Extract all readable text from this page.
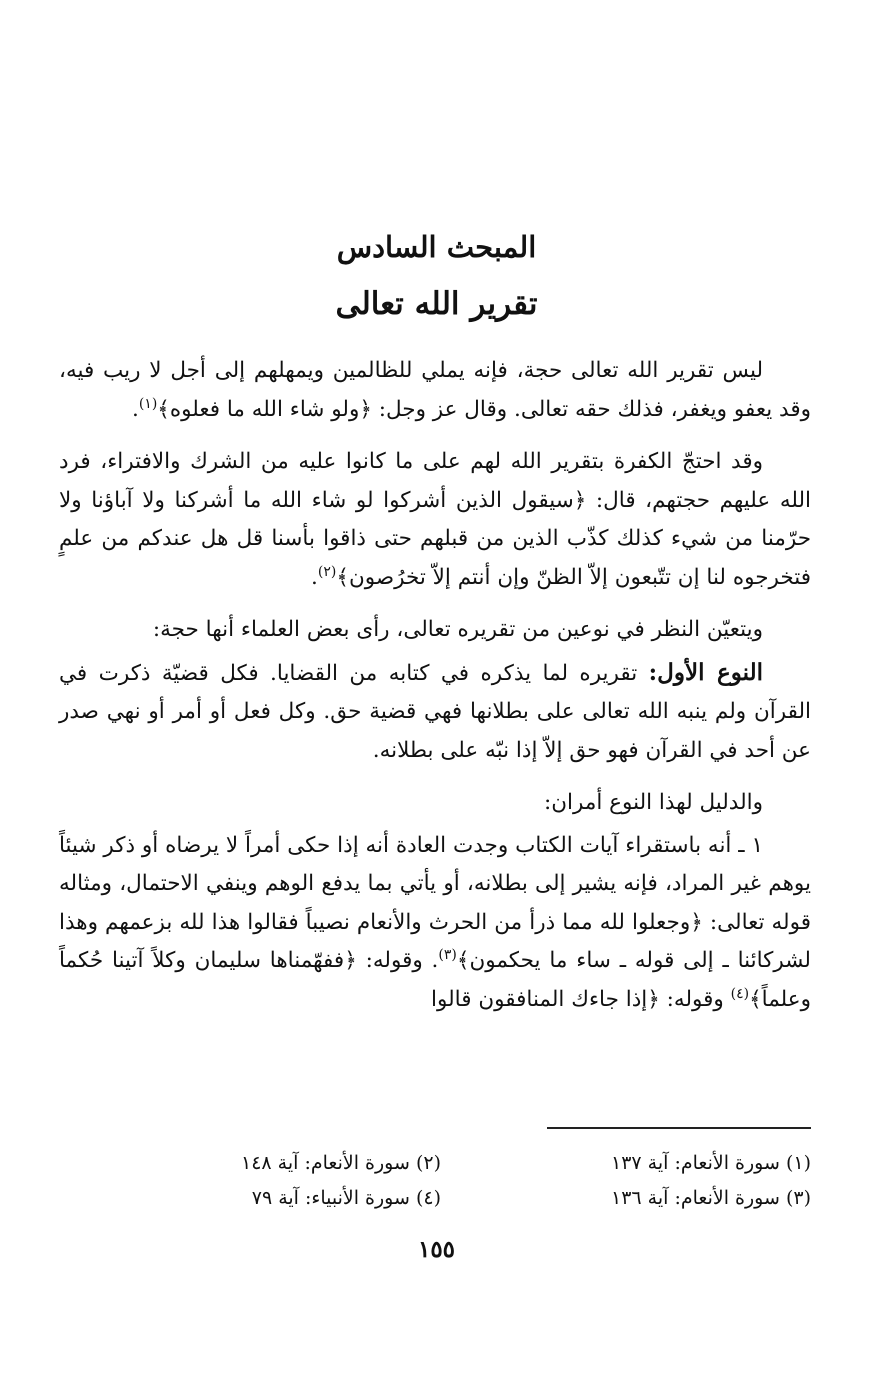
المبحث السادس
تقرير الله تعالى

ليس تقرير الله تعالى حجة، فإنه يملي للظالمين ويمهلهم إلى أجل لا ريب فيه، وقد يعفو ويغفر، فذلك حقه تعالى. وقال عز وجل: ﴿ولو شاء الله ما فعلوه﴾$^{(١)}$.

وقد احتجّ الكفرة بتقرير الله لهم على ما كانوا عليه من الشرك والافتراء، فرد الله عليهم حجتهم، قال: ﴿سيقول الذين أشركوا لو شاء الله ما أشركنا ولا آباؤنا ولا حرّمنا من شيء كذلك كذّب الذين من قبلهم حتى ذاقوا بأسنا قل هل عندكم من علمٍ فتخرجوه لنا إن تتّبعون إلاّ الظنّ وإن أنتم إلاّ تخرُصون﴾$^{(٢)}$.

ويتعيّن النظر في نوعين من تقريره تعالى، رأى بعض العلماء أنها حجة:

النوع الأول: تقريره لما يذكره في كتابه من القضايا. فكل قضيّة ذكرت في القرآن ولم ينبه الله تعالى على بطلانها فهي قضية حق. وكل فعل أو أمر أو نهي صدر عن أحد في القرآن فهو حق إلاّ إذا نبّه على بطلانه.

والدليل لهذا النوع أمران:

١ ـ أنه باستقراء آيات الكتاب وجدت العادة أنه إذا حكى أمراً لا يرضاه أو ذكر شيئاً يوهم غير المراد، فإنه يشير إلى بطلانه، أو يأتي بما يدفع الوهم وينفي الاحتمال، ومثاله قوله تعالى: ﴿وجعلوا لله مما ذرأ من الحرث والأنعام نصيباً فقالوا هذا لله بزعمهم وهذا لشركائنا ـ إلى قوله ـ ساء ما يحكمون﴾$^{(٣)}$. وقوله: ﴿ففهّمناها سليمان وكلاً آتينا حُكماً وعلماً﴾$^{(٤)}$ وقوله: ﴿إذا جاءك المنافقون قالوا

(١) سورة الأنعام: آية ١٣٧
(٢) سورة الأنعام: آية ١٤٨
(٣) سورة الأنعام: آية ١٣٦
(٤) سورة الأنبياء: آية ٧٩
١٥٥
